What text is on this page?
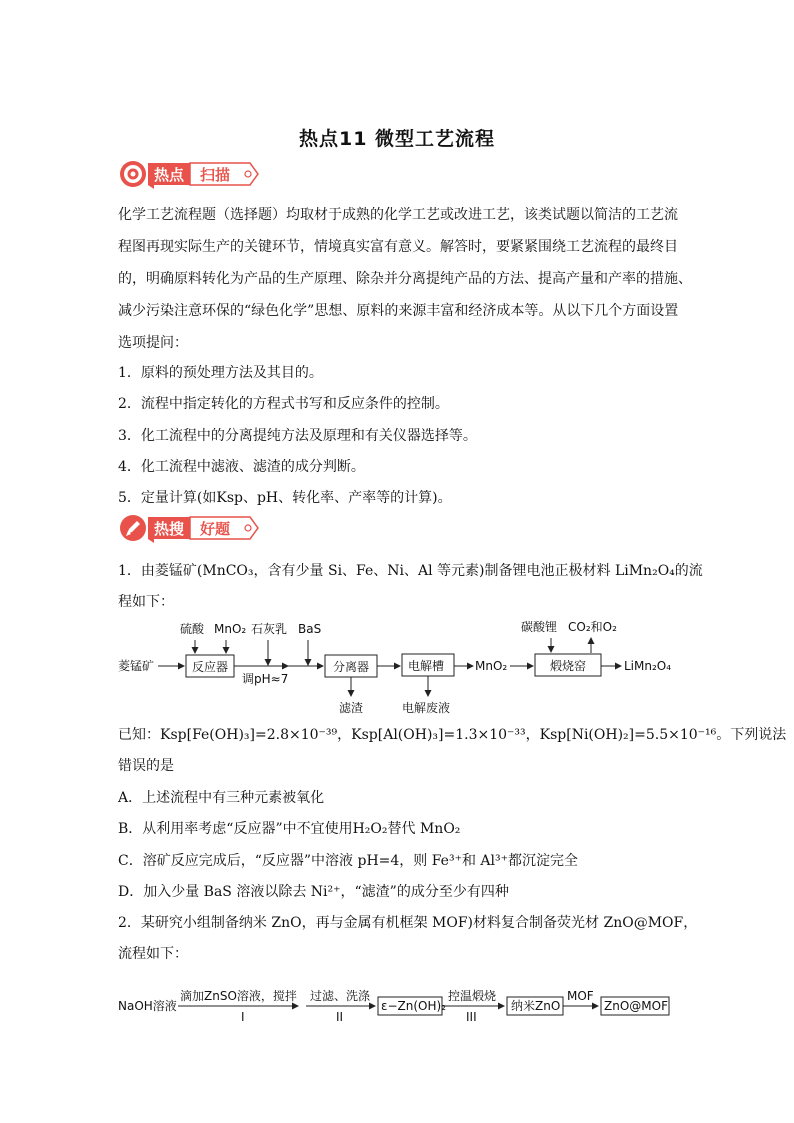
热点11 微型工艺流程
热点 扫描
化学工艺流程题（选择题）均取材于成熟的化学工艺或改进工艺，该类试题以简洁的工艺流
程图再现实际生产的关键环节，情境真实富有意义。解答时，要紧紧围绕工艺流程的最终目
的，明确原料转化为产品的生产原理、除杂并分离提纯产品的方法、提高产量和产率的措施、
减少污染注意环保的“绿色化学”思想、原料的来源丰富和经济成本等。从以下几个方面设置
选项提问：
1．原料的预处理方法及其目的。
2．流程中指定转化的方程式书写和反应条件的控制。
3．化工流程中的分离提纯方法及原理和有关仪器选择等。
4．化工流程中滤液、滤渣的成分判断。
5．定量计算(如Ksp、pH、转化率、产率等的计算)。
热搜 好题
1．由菱锰矿(MnCO₃，含有少量 Si、Fe、Ni、Al 等元素)制备锂电池正极材料 LiMn₂O₄的流
程如下：
菱锰矿
硫酸 MnO₂ 石灰乳 BaS
反应器
调pH≈7
分离器
滤渣
电解槽
电解废液
MnO₂
碳酸锂 CO₂和O₂
煅烧窑	LiMn₂O₄
已知：Ksp[Fe(OH)₃]=2.8×10⁻³⁹，Ksp[Al(OH)₃]=1.3×10⁻³³，Ksp[Ni(OH)₂]=5.5×10⁻¹⁶。下列说法
错误的是
A．上述流程中有三种元素被氧化
B．从利用率考虑“反应器”中不宜使用H₂O₂替代 MnO₂
C．溶矿反应完成后，“反应器”中溶液 pH=4，则 Fe³⁺和 Al³⁺都沉淀完全
D．加入少量 BaS 溶液以除去 Ni²⁺，“滤渣”的成分至少有四种
2．某研究小组制备纳米 ZnO，再与金属有机框架 MOF)材料复合制备荧光材 ZnO@MOF，
流程如下：
NaOH溶液
滴加ZnSO溶液，搅拌
I
过滤、洗涤
II
ε−Zn(OH)₂
控温煅烧
III
纳米ZnO
MOF
ZnO@MOF
